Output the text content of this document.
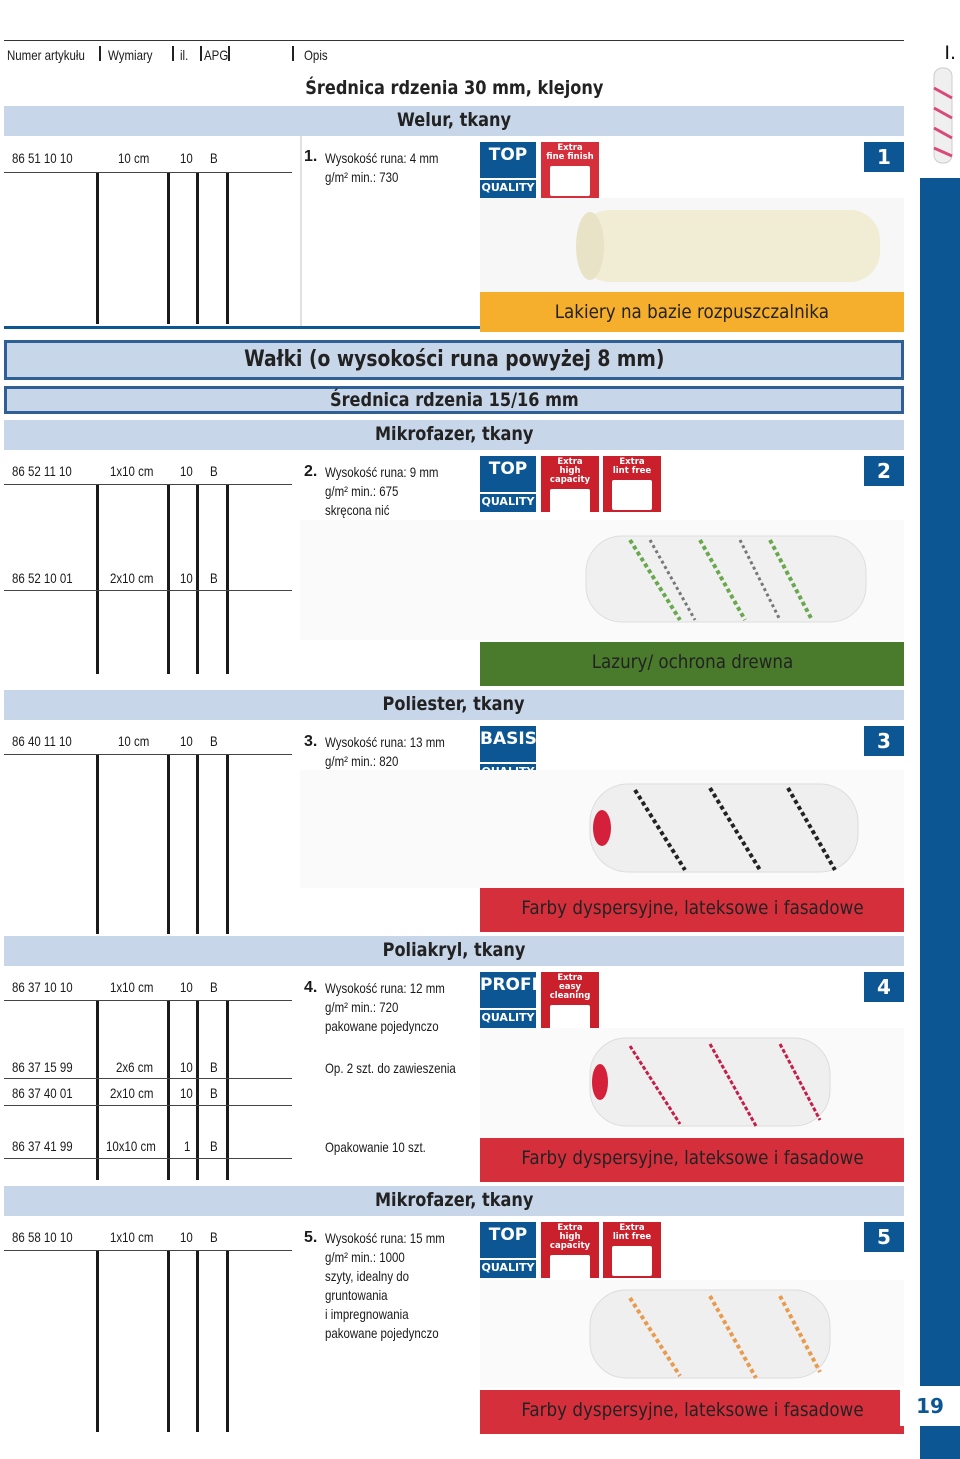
I.
Numer artykułu Wymiary il. APG	Opis
Średnica rdzenia 30 mm, klejony
Welur, tkany
86 51 10 10	10 cm	10 B	1. Wysokość runa: 4 mm
g/m² min.: 730
TOP
QUALITY
Extra
fine finish	1
Lakiery na bazie rozpuszczalnika
Wałki (o wysokości runa powyżej 8 mm)
Średnica rdzenia 15/16 mm
Mikrofazer, tkany
86 52 11 10	1x10 cm	10 B
86 52 10 01	2x10 cm	10 B
2. Wysokość runa: 9 mm
g/m² min.: 675
skręcona nić
TOP
QUALITY
Extra
high capacity
Extra
lint free	2
Lazury/ ochrona drewna
Poliester, tkany
86 40 11 10	10 cm	10 B	3. Wysokość runa: 13 mm
g/m² min.: 820
BASIS	3
Farby dyspersyjne, lateksowe i fasadowe
Poliakryl, tkany
86 37 10 10	1x10 cm	10 B
86 37 15 99	2x6 cm	10 B
86 37 40 01	2x10 cm	10 B
86 37 41 99	10x10 cm	1 B
4. Wysokość runa: 12 mm
g/m² min.: 720
pakowane pojedynczo
Op. 2 szt. do zawieszenia
Opakowanie 10 szt.
PROFI
QUALITY
Extra
easy cleaning	4
Farby dyspersyjne, lateksowe i fasadowe
Mikrofazer, tkany
86 58 10 10	1x10 cm	10 B	5. Wysokość runa: 15 mm
g/m² min.: 1000
szyty, idealny do
gruntowania
i impregnowania
pakowane pojedynczo
TOP
QUALITY
Extra
high capacity
Extra
lint free	5
Farby dyspersyjne, lateksowe i fasadowe	19
